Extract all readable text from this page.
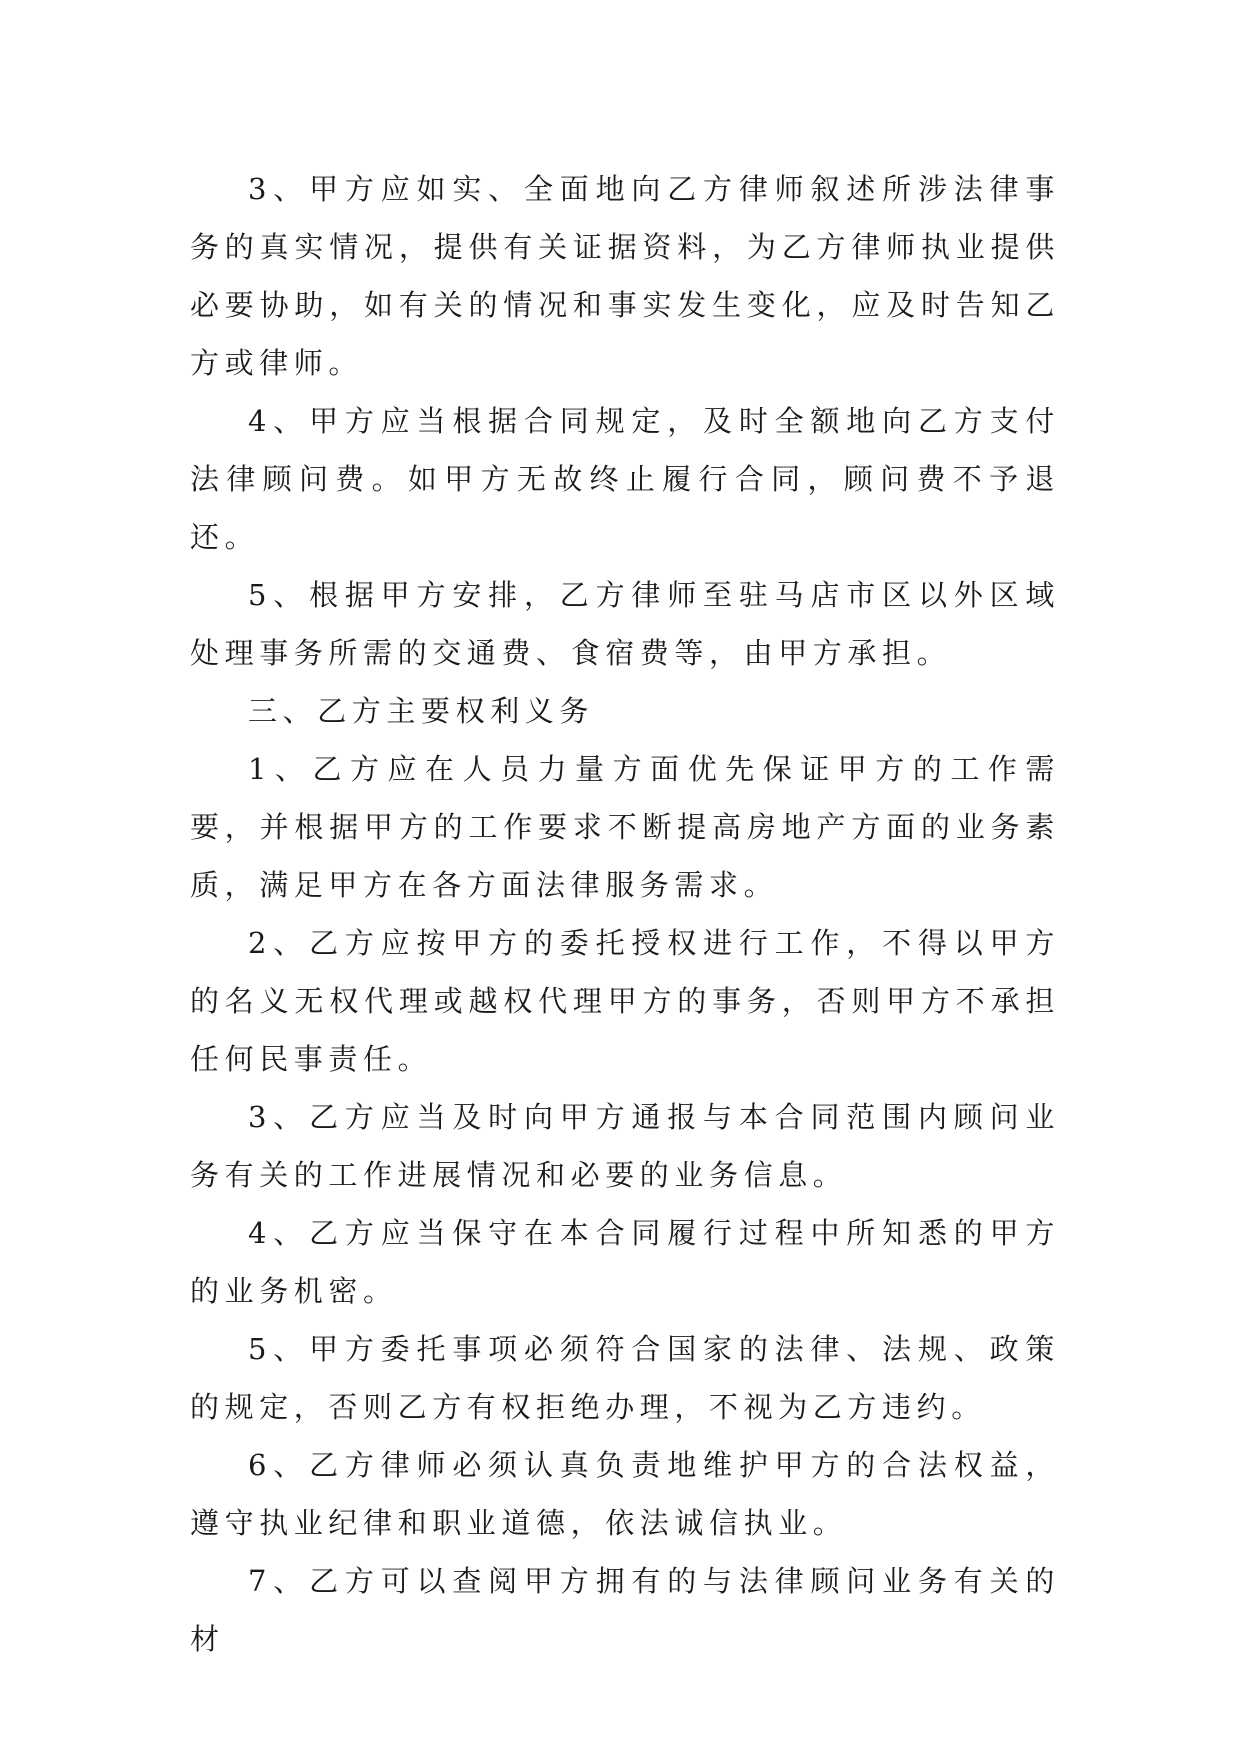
3、甲方应如实、全面地向乙方律师叙述所涉法律事务的真实情况，提供有关证据资料，为乙方律师执业提供必要协助，如有关的情况和事实发生变化，应及时告知乙方或律师。

4、甲方应当根据合同规定，及时全额地向乙方支付法律顾问费。如甲方无故终止履行合同，顾问费不予退还。

5、根据甲方安排，乙方律师至驻马店市区以外区域处理事务所需的交通费、食宿费等，由甲方承担。

三、乙方主要权利义务

1、乙方应在人员力量方面优先保证甲方的工作需要，并根据甲方的工作要求不断提高房地产方面的业务素质，满足甲方在各方面法律服务需求。

2、乙方应按甲方的委托授权进行工作，不得以甲方的名义无权代理或越权代理甲方的事务，否则甲方不承担任何民事责任。

3、乙方应当及时向甲方通报与本合同范围内顾问业务有关的工作进展情况和必要的业务信息。

4、乙方应当保守在本合同履行过程中所知悉的甲方的业务机密。

5、甲方委托事项必须符合国家的法律、法规、政策的规定，否则乙方有权拒绝办理，不视为乙方违约。

6、乙方律师必须认真负责地维护甲方的合法权益，遵守执业纪律和职业道德，依法诚信执业。

7、乙方可以查阅甲方拥有的与法律顾问业务有关的材
